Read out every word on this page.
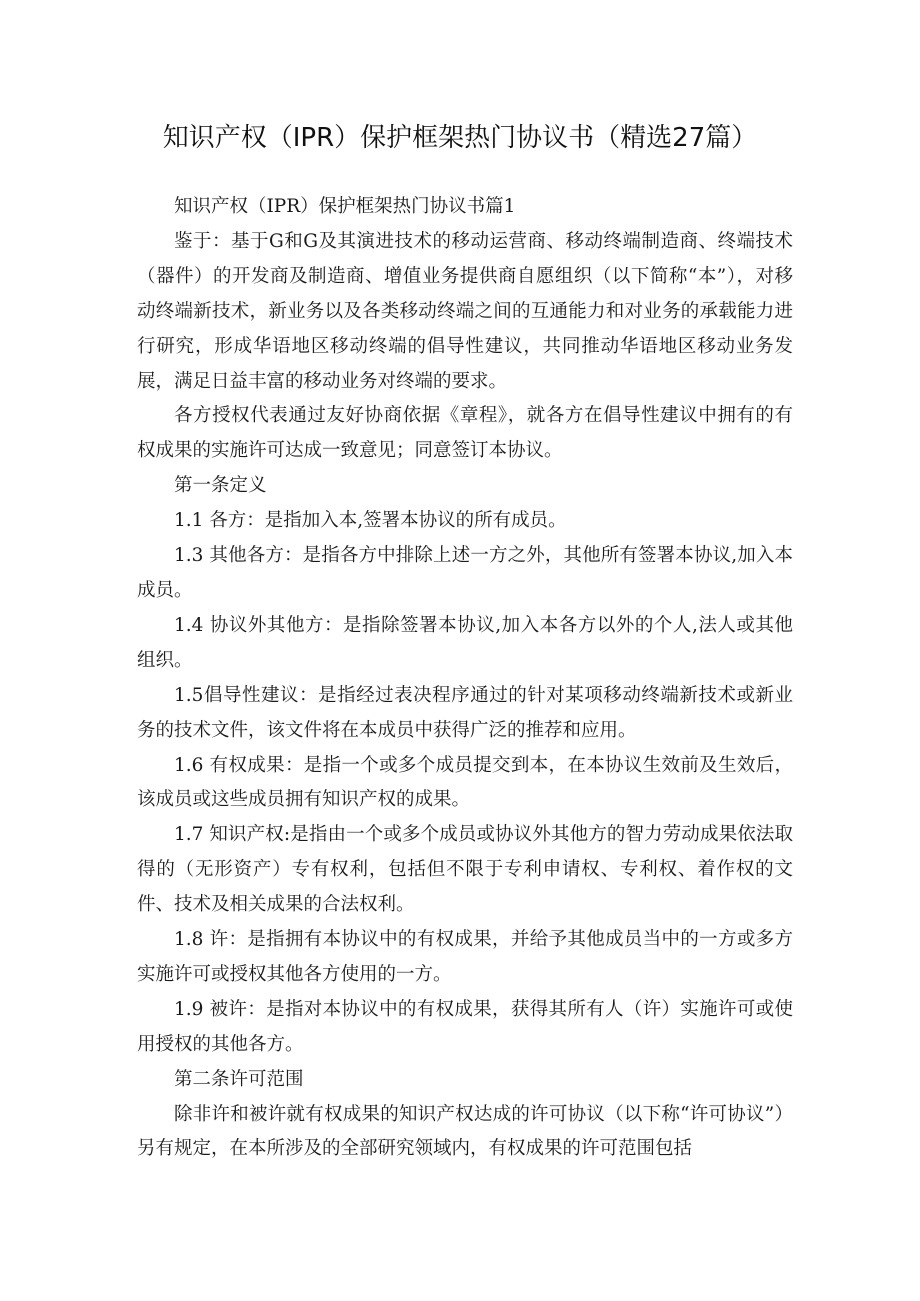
知识产权（IPR）保护框架热门协议书（精选27篇）

知识产权（IPR）保护框架热门协议书篇1

鉴于：基于G和G及其演进技术的移动运营商、移动终端制造商、终端技术（器件）的开发商及制造商、增值业务提供商自愿组织（以下简称“本”），对移动终端新技术，新业务以及各类移动终端之间的互通能力和对业务的承载能力进行研究，形成华语地区移动终端的倡导性建议，共同推动华语地区移动业务发展，满足日益丰富的移动业务对终端的要求。

各方授权代表通过友好协商依据《章程》，就各方在倡导性建议中拥有的有权成果的实施许可达成一致意见；同意签订本协议。

第一条定义

1.1 各方：是指加入本,签署本协议的所有成员。

1.3 其他各方：是指各方中排除上述一方之外，其他所有签署本协议,加入本成员。

1.4 协议外其他方：是指除签署本协议,加入本各方以外的个人,法人或其他组织。

1.5倡导性建议：是指经过表决程序通过的针对某项移动终端新技术或新业务的技术文件，该文件将在本成员中获得广泛的推荐和应用。

1.6 有权成果：是指一个或多个成员提交到本，在本协议生效前及生效后，该成员或这些成员拥有知识产权的成果。

1.7 知识产权:是指由一个或多个成员或协议外其他方的智力劳动成果依法取得的（无形资产）专有权利，包括但不限于专利申请权、专利权、着作权的文件、技术及相关成果的合法权利。

1.8 许：是指拥有本协议中的有权成果，并给予其他成员当中的一方或多方实施许可或授权其他各方使用的一方。

1.9 被许：是指对本协议中的有权成果，获得其所有人（许）实施许可或使用授权的其他各方。

第二条许可范围

除非许和被许就有权成果的知识产权达成的许可协议（以下称“许可协议”）另有规定，在本所涉及的全部研究领域内，有权成果的许可范围包括
